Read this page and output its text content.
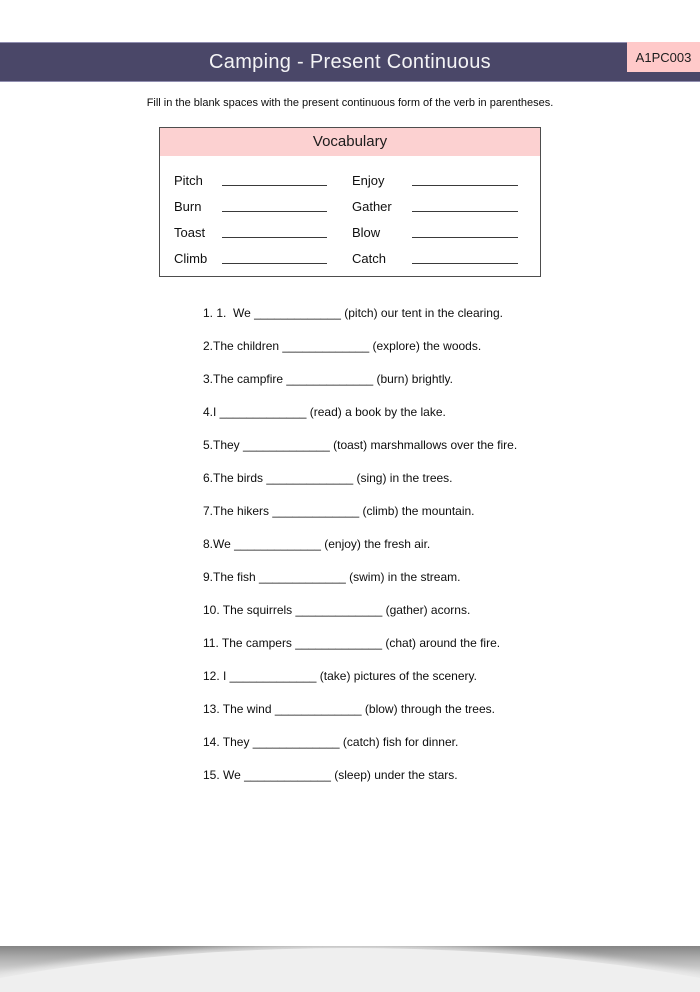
A1PC003
Camping - Present Continuous

Fill in the blank spaces with the present continuous form of the verb in parentheses.

Vocabulary
Pitch	Enjoy
Burn	Gather
Toast	Blow
Climb	Catch
1. 1.  We _____________ (pitch) our tent in the clearing.
2.The children _____________ (explore) the woods.
3.The campfire _____________ (burn) brightly.
4.I _____________ (read) a book by the lake.
5.They _____________ (toast) marshmallows over the fire.
6.The birds _____________ (sing) in the trees.
7.The hikers _____________ (climb) the mountain.
8.We _____________ (enjoy) the fresh air.
9.The fish _____________ (swim) in the stream.
10. The squirrels _____________ (gather) acorns.
11. The campers _____________ (chat) around the fire.
12. I _____________ (take) pictures of the scenery.
13. The wind _____________ (blow) through the trees.
14. They _____________ (catch) fish for dinner.
15. We _____________ (sleep) under the stars.
